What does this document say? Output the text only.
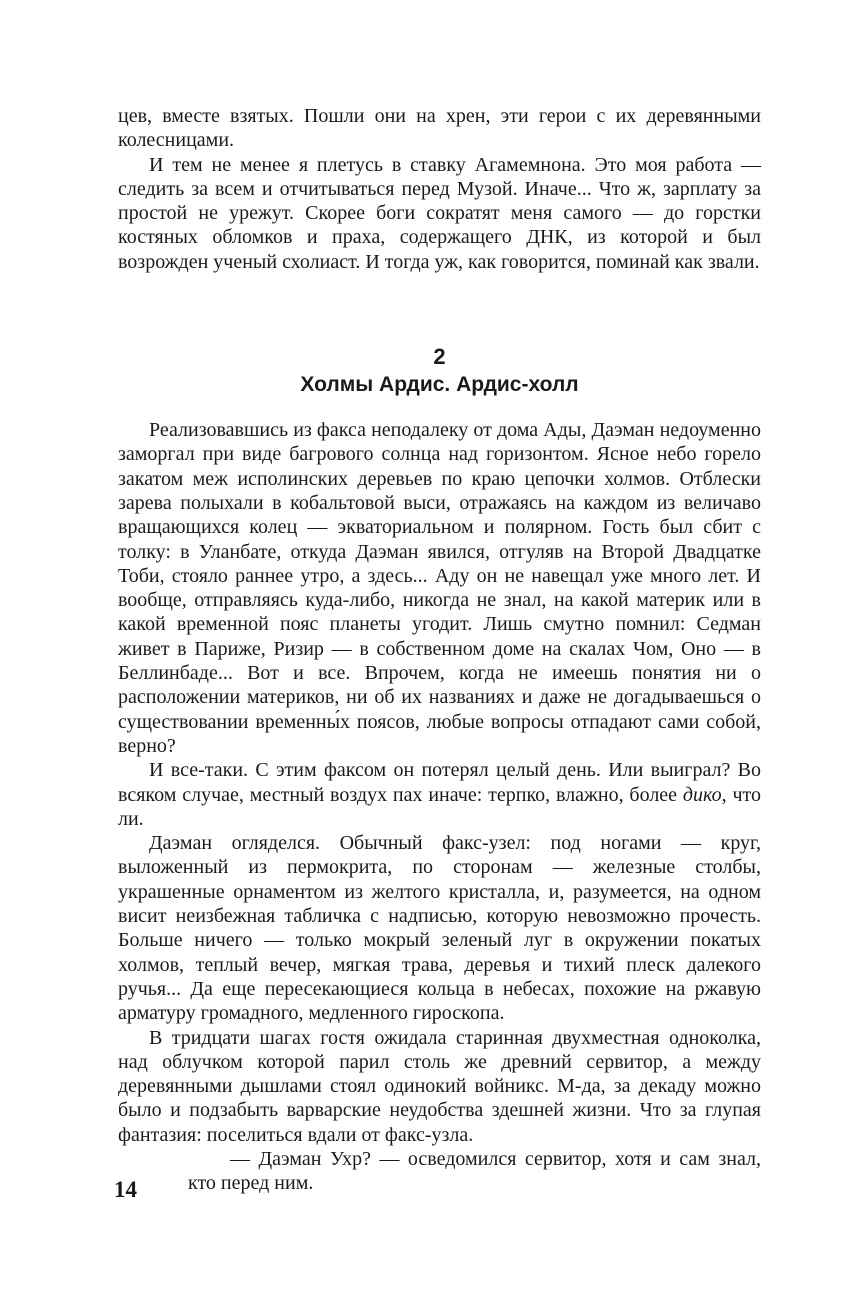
цев, вместе взятых. Пошли они на хрен, эти герои с их деревянными колесницами.

И тем не менее я плетусь в ставку Агамемнона. Это моя работа — следить за всем и отчитываться перед Музой. Иначе... Что ж, зарплату за простой не урежут. Скорее боги сократят меня самого — до горстки костяных обломков и праха, содержащего ДНК, из которой и был возрожден ученый схолиаст. И тогда уж, как говорится, поминай как звали.

2
Холмы Ардис. Ардис-холл

Реализовавшись из факса неподалеку от дома Ады, Даэман недоуменно заморгал при виде багрового солнца над горизонтом. Ясное небо горело закатом меж исполинских деревьев по краю цепочки холмов. Отблески зарева полыхали в кобальтовой выси, отражаясь на каждом из величаво вращающихся колец — экваториальном и полярном. Гость был сбит с толку: в Уланбате, откуда Даэман явился, отгуляв на Второй Двадцатке Тоби, стояло раннее утро, а здесь... Аду он не навещал уже много лет. И вообще, отправляясь куда-либо, никогда не знал, на какой материк или в какой временной пояс планеты угодит. Лишь смутно помнил: Седман живет в Париже, Ризир — в собственном доме на скалах Чом, Оно — в Беллинбаде... Вот и все. Впрочем, когда не имеешь понятия ни о расположении материков, ни об их названиях и даже не догадываешься о существовании временны́х поясов, любые вопросы отпадают сами собой, верно?

И все-таки. С этим факсом он потерял целый день. Или выиграл? Во всяком случае, местный воздух пах иначе: терпко, влажно, более дико, что ли.

Даэман огляделся. Обычный факс-узел: под ногами — круг, выложенный из пермокрита, по сторонам — железные столбы, украшенные орнаментом из желтого кристалла, и, разумеется, на одном висит неизбежная табличка с надписью, которую невозможно прочесть. Больше ничего — только мокрый зеленый луг в окружении покатых холмов, теплый вечер, мягкая трава, деревья и тихий плеск далекого ручья... Да еще пересекающиеся кольца в небесах, похожие на ржавую арматуру громадного, медленного гироскопа.

В тридцати шагах гостя ожидала старинная двухместная одноколка, над облучком которой парил столь же древний сервитор, а между деревянными дышлами стоял одинокий войникс. М-да, за декаду можно было и подзабыть варварские неудобства здешней жизни. Что за глупая фантазия: поселиться вдали от факс-узла.

— Даэман Ухр? — осведомился сервитор, хотя и сам знал, кто перед ним.

14
